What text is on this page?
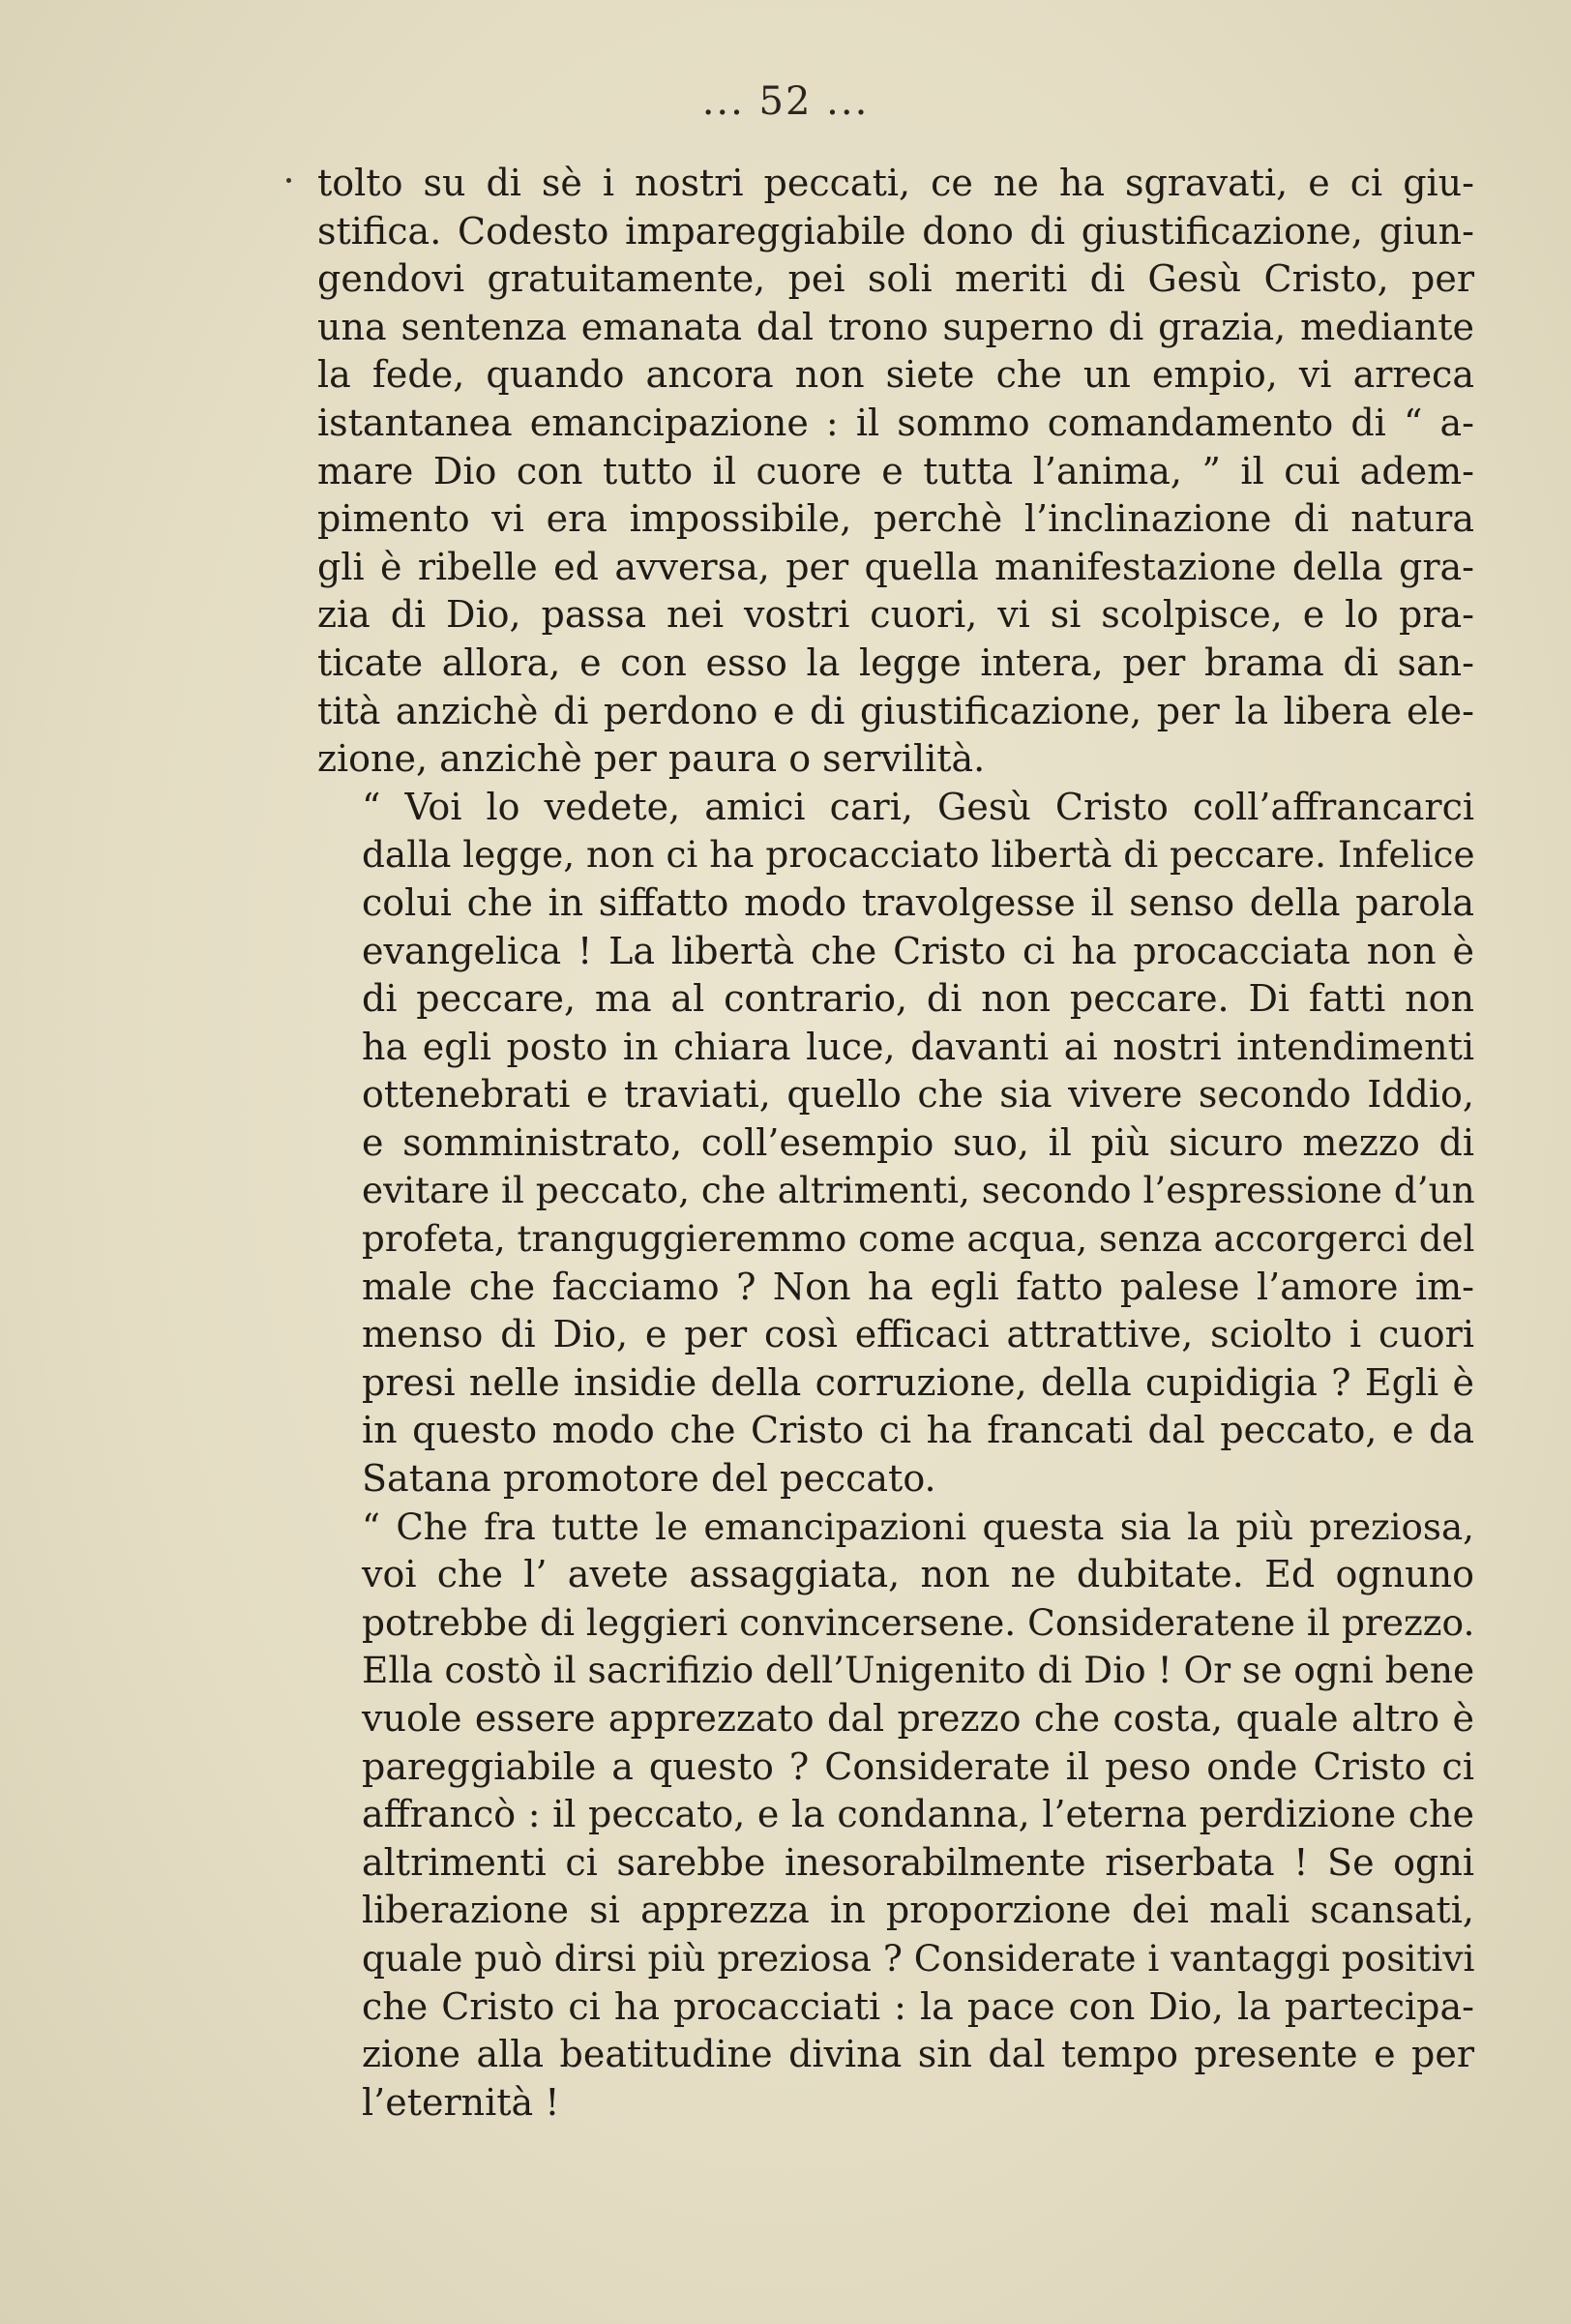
... 52 ...
tolto su di sè i nostri peccati, ce ne ha sgravati, e ci giu-
stifica. Codesto impareggiabile dono di giustificazione, giun-
gendovi gratuitamente, pei soli meriti di Gesù Cristo, per
una sentenza emanata dal trono superno di grazia, mediante
la fede, quando ancora non siete che un empio, vi arreca
istantanea emancipazione : il sommo comandamento di “ a-
mare Dio con tutto il cuore e tutta l’anima, ” il cui adem-
pimento vi era impossibile, perchè l’inclinazione di natura
gli è ribelle ed avversa, per quella manifestazione della gra-
zia di Dio, passa nei vostri cuori, vi si scolpisce, e lo pra-
ticate allora, e con esso la legge intera, per brama di san-
tità anzichè di perdono e di giustificazione, per la libera ele-
zione, anzichè per paura o servilità.
“ Voi lo vedete, amici cari, Gesù Cristo coll’affrancarci
dalla legge, non ci ha procacciato libertà di peccare. Infelice
colui che in siffatto modo travolgesse il senso della parola
evangelica ! La libertà che Cristo ci ha procacciata non è
di peccare, ma al contrario, di non peccare. Di fatti non
ha egli posto in chiara luce, davanti ai nostri intendimenti
ottenebrati e traviati, quello che sia vivere secondo Iddio,
e somministrato, coll’esempio suo, il più sicuro mezzo di
evitare il peccato, che altrimenti, secondo l’espressione d’un
profeta, tranguggieremmo come acqua, senza accorgerci del
male che facciamo ? Non ha egli fatto palese l’amore im-
menso di Dio, e per così efficaci attrattive, sciolto i cuori
presi nelle insidie della corruzione, della cupidigia ? Egli è
in questo modo che Cristo ci ha francati dal peccato, e da
Satana promotore del peccato.
“ Che fra tutte le emancipazioni questa sia la più preziosa,
voi che l’ avete assaggiata, non ne dubitate. Ed ognuno
potrebbe di leggieri convincersene. Consideratene il prezzo.
Ella costò il sacrifizio dell’Unigenito di Dio ! Or se ogni bene
vuole essere apprezzato dal prezzo che costa, quale altro è
pareggiabile a questo ? Considerate il peso onde Cristo ci
affrancò : il peccato, e la condanna, l’eterna perdizione che
altrimenti ci sarebbe inesorabilmente riserbata ! Se ogni
liberazione si apprezza in proporzione dei mali scansati,
quale può dirsi più preziosa ? Considerate i vantaggi positivi
che Cristo ci ha procacciati : la pace con Dio, la partecipa-
zione alla beatitudine divina sin dal tempo presente e per
l’eternità !
